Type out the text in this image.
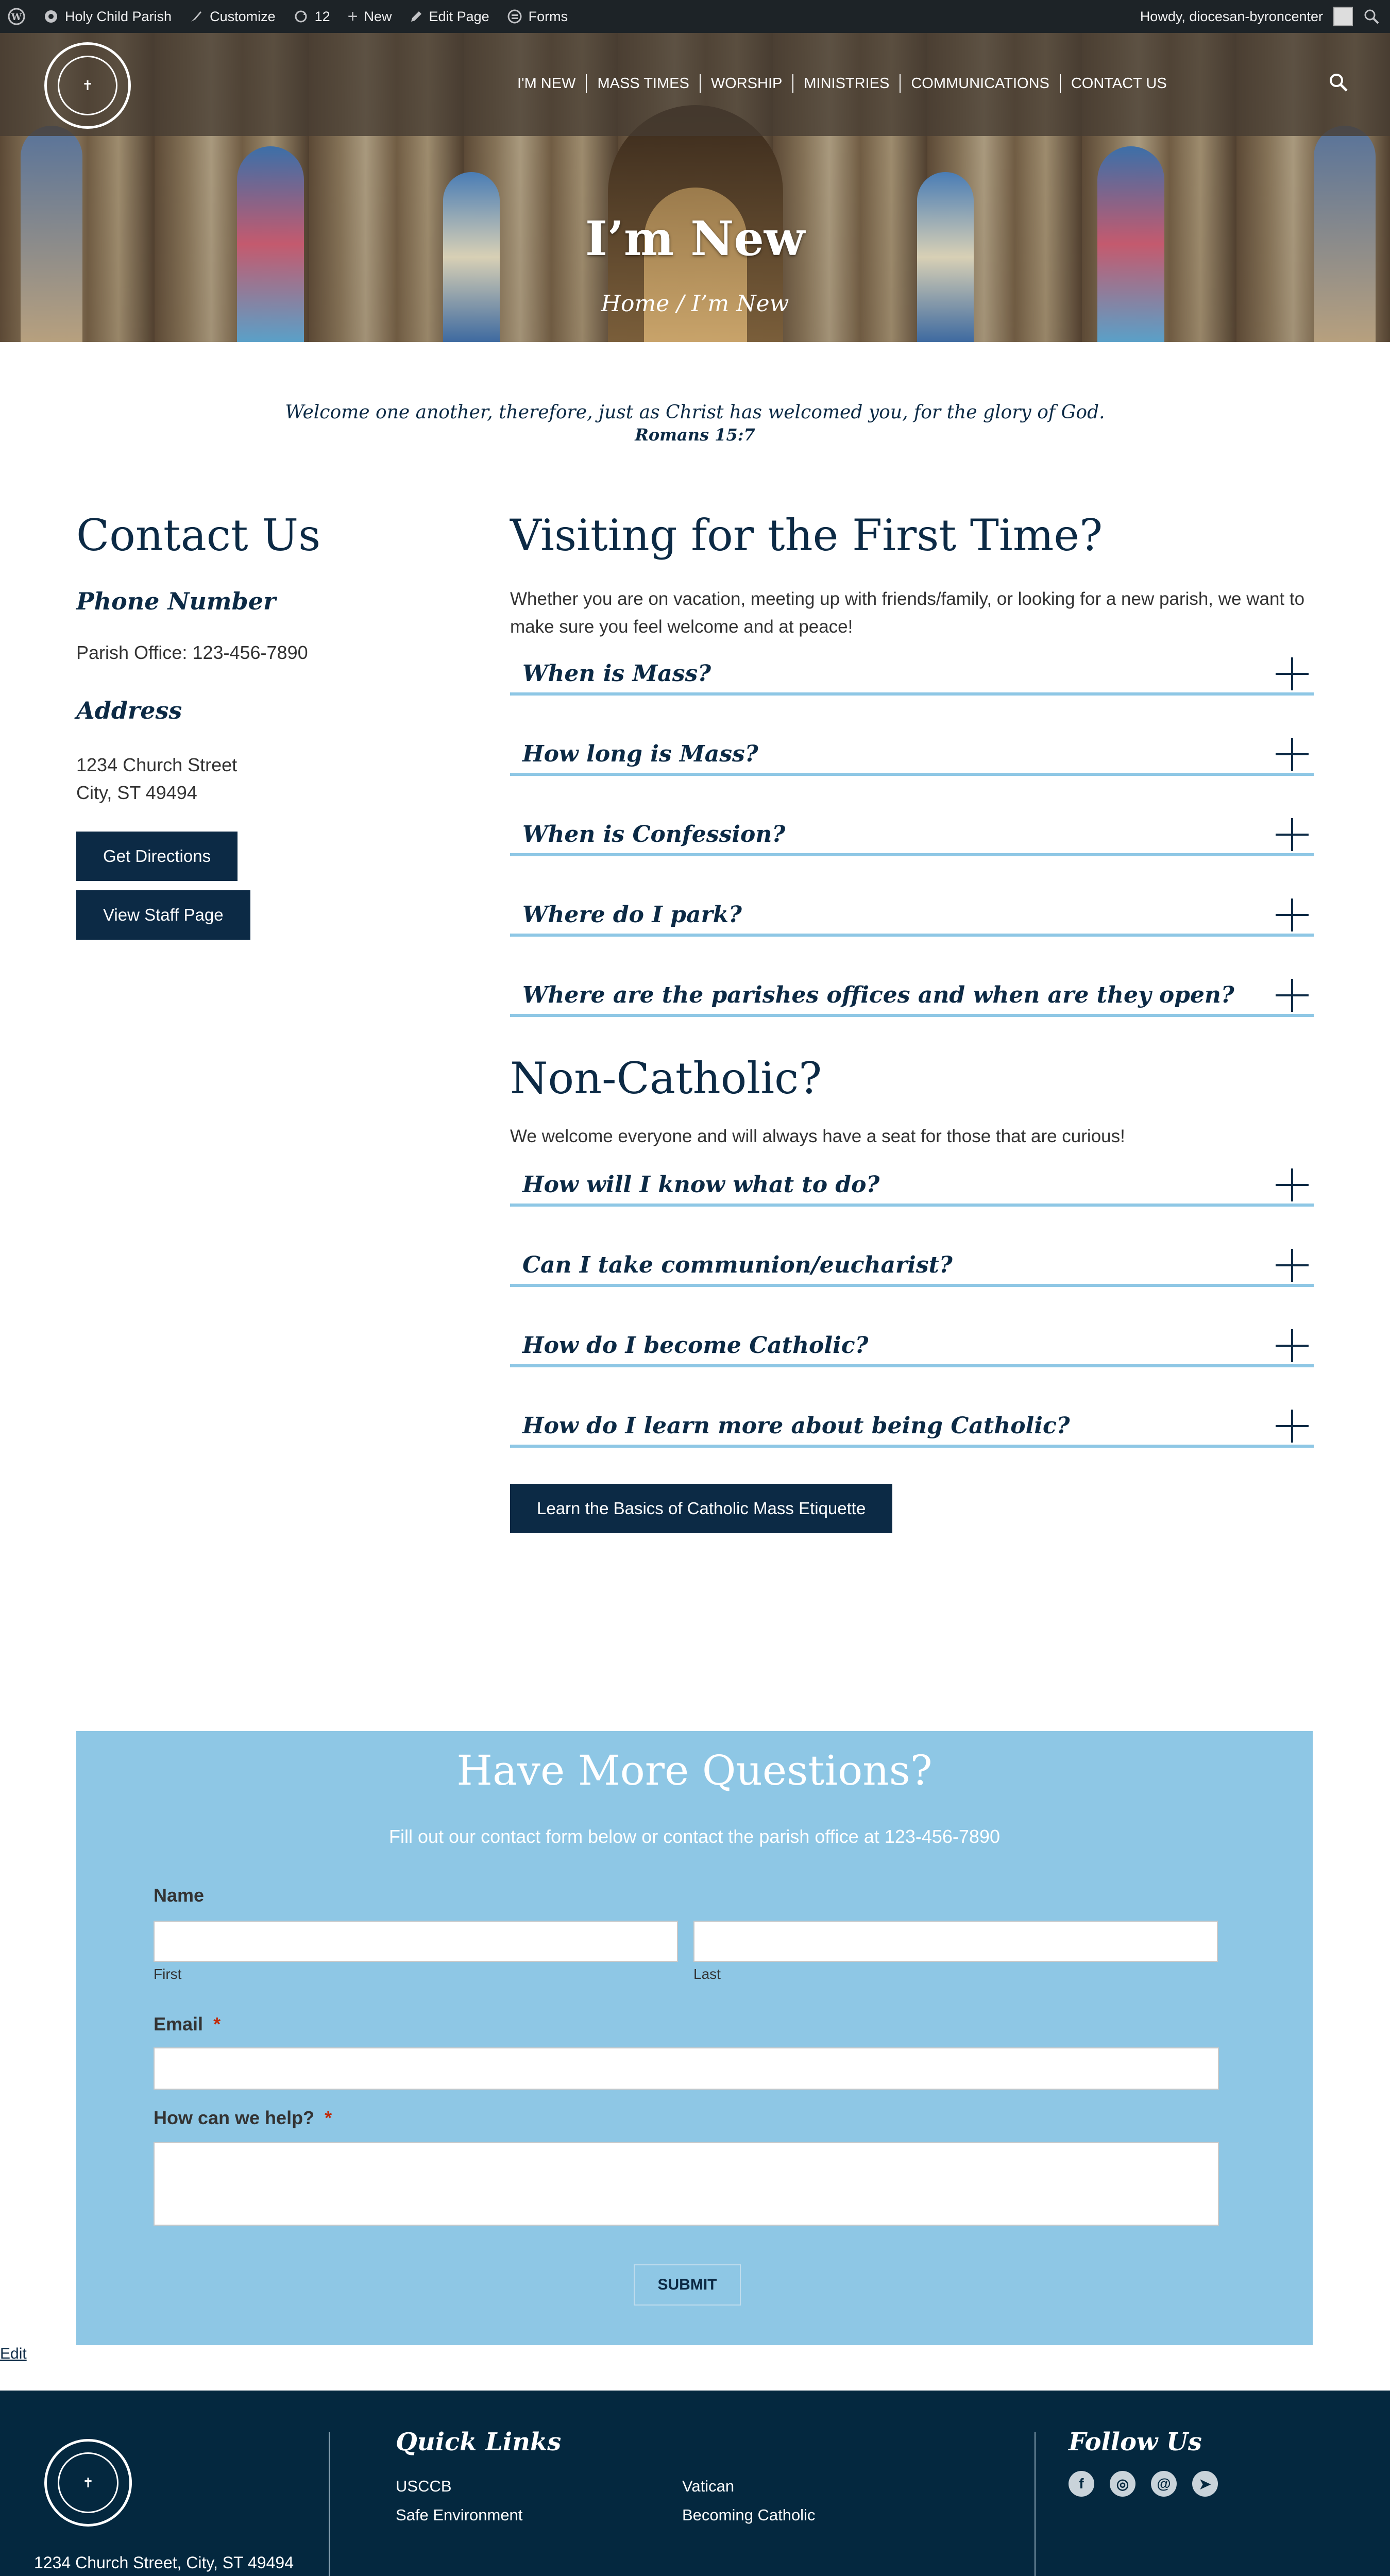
W	Holy Child Parish	Customize	12 + New	Edit Page	Forms	Howdy, diocesan-byroncenter
✝	I'M NEW	MASS TIMES	WORSHIP	MINISTRIES	COMMUNICATIONS	CONTACT US
I’m New
Home / I’m New
Welcome one another, therefore, just as Christ has welcomed you, for the glory of God.
Romans 15:7
Contact Us
Phone Number
Parish Office: 123-456-7890
Address
1234 Church Street
City, ST 49494
Get Directions
View Staff Page
Visiting for the First Time?
Whether you are on vacation, meeting up with friends/family, or looking for a new parish, we want to make sure you feel welcome and at peace!
When is Mass?
How long is Mass?
When is Confession?
Where do I park?
Where are the parishes offices and when are they open?
Non-Catholic?
We welcome everyone and will always have a seat for those that are curious!
How will I know what to do?
Can I take communion/eucharist?
How do I become Catholic?
How do I learn more about being Catholic?
Learn the Basics of Catholic Mass Etiquette
Have More Questions?
Fill out our contact form below or contact the parish office at 123-456-7890
Name
First	Last
Email *
How can we help? *
SUBMIT
Edit
✝
1234 Church Street, City, ST 49494
Quick Links
USCCB	Vatican
Safe Environment	Becoming Catholic
Follow Us
f	◎	@	➤
